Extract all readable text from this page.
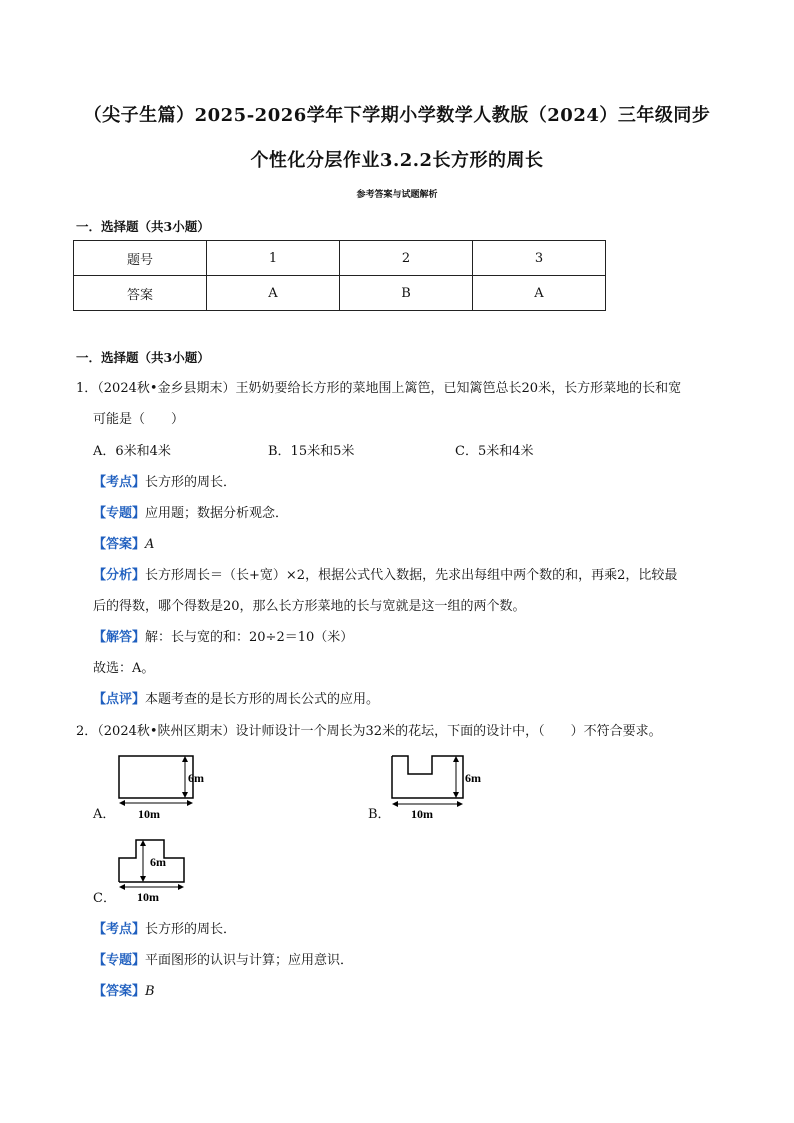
（尖子生篇）2025-2026学年下学期小学数学人教版（2024）三年级同步
个性化分层作业3.2.2长方形的周长
参考答案与试题解析
一．选择题（共3小题）
题号	1	2	3
答案	A	B	A
一．选择题（共3小题）
1．（2024秋•金乡县期末）王奶奶要给长方形的菜地围上篱笆，已知篱笆总长20米，长方形菜地的长和宽
可能是（　　）
A．6米和4米	B．15米和5米	C．5米和4米
【考点】长方形的周长．
【专题】应用题；数据分析观念．
【答案】A
【分析】长方形周长＝（长+宽）×2，根据公式代入数据，先求出每组中两个数的和，再乘2，比较最
后的得数，哪个得数是20，那么长方形菜地的长与宽就是这一组的两个数。
【解答】解：长与宽的和：20÷2＝10（米）
故选：A。
【点评】本题考查的是长方形的周长公式的应用。
2．（2024秋•陕州区期末）设计师设计一个周长为32米的花坛，下面的设计中，（　　）不符合要求。
A．
6m
10m	B．
6m
10m
C．
6m
10m
【考点】长方形的周长．
【专题】平面图形的认识与计算；应用意识．
【答案】B
